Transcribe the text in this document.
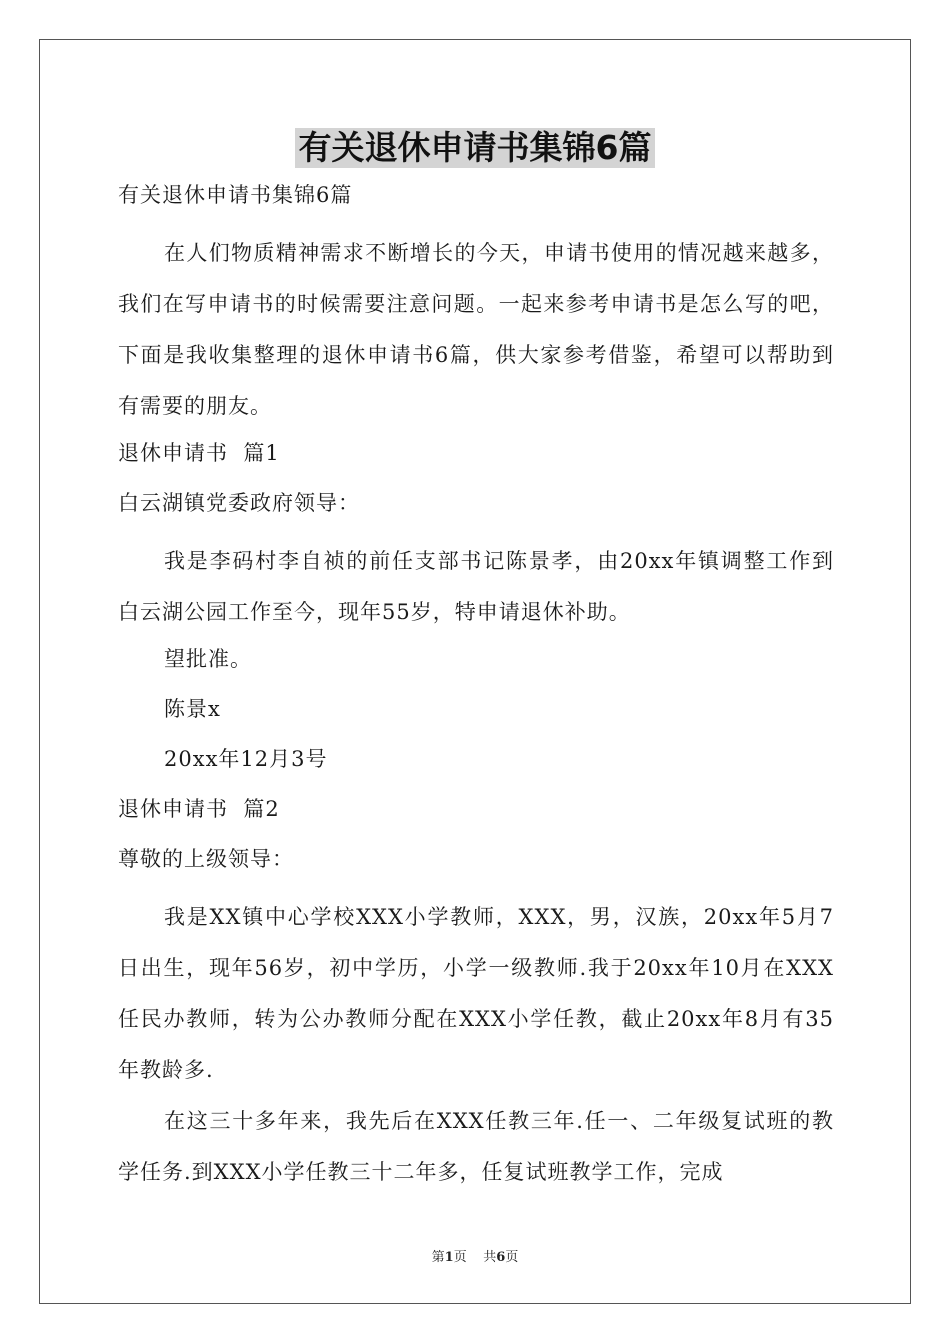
有关退休申请书集锦6篇
有关退休申请书集锦6篇

在人们物质精神需求不断增长的今天，申请书使用的情况越来越多，我们在写申请书的时候需要注意问题。一起来参考申请书是怎么写的吧，下面是我收集整理的退休申请书6篇，供大家参考借鉴，希望可以帮助到有需要的朋友。

退休申请书  篇1
白云湖镇党委政府领导：

我是李码村李自祯的前任支部书记陈景孝，由20xx年镇调整工作到白云湖公园工作至今，现年55岁，特申请退休补助。

望批准。
陈景x
20xx年12月3号
退休申请书  篇2
尊敬的上级领导：

我是XX镇中心学校XXX小学教师，XXX，男，汉族，20xx年5月7日出生，现年56岁，初中学历，小学一级教师.我于20xx年10月在XXX任民办教师，转为公办教师分配在XXX小学任教，截止20xx年8月有35年教龄多.

在这三十多年来，我先后在XXX任教三年.任一、二年级复试班的教学任务.到XXX小学任教三十二年多，任复试班教学工作，完成

第1页 共6页
